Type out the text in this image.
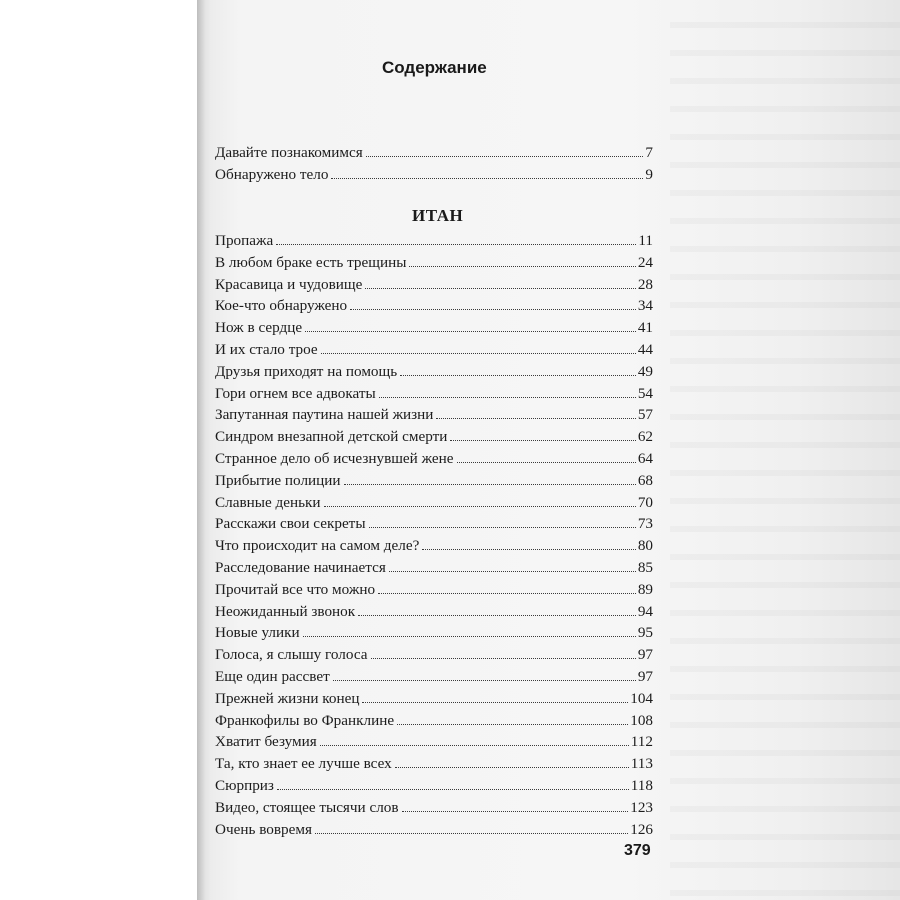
Содержание
Давайте познакомимся	7
Обнаружено тело	9
ИТАН
Пропажа	11
В любом браке есть трещины	24
Красавица и чудовище	28
Кое-что обнаружено	34
Нож в сердце	41
И их стало трое	44
Друзья приходят на помощь	49
Гори огнем все адвокаты	54
Запутанная паутина нашей жизни	57
Синдром внезапной детской смерти	62
Странное дело об исчезнувшей жене	64
Прибытие полиции	68
Славные деньки	70
Расскажи свои секреты	73
Что происходит на самом деле?	80
Расследование начинается	85
Прочитай все что можно	89
Неожиданный звонок	94
Новые улики	95
Голоса, я слышу голоса	97
Еще один рассвет	97
Прежней жизни конец	104
Франкофилы во Франклине	108
Хватит безумия	112
Та, кто знает ее лучше всех	113
Сюрприз	118
Видео, стоящее тысячи слов	123
Очень вовремя	126
379
